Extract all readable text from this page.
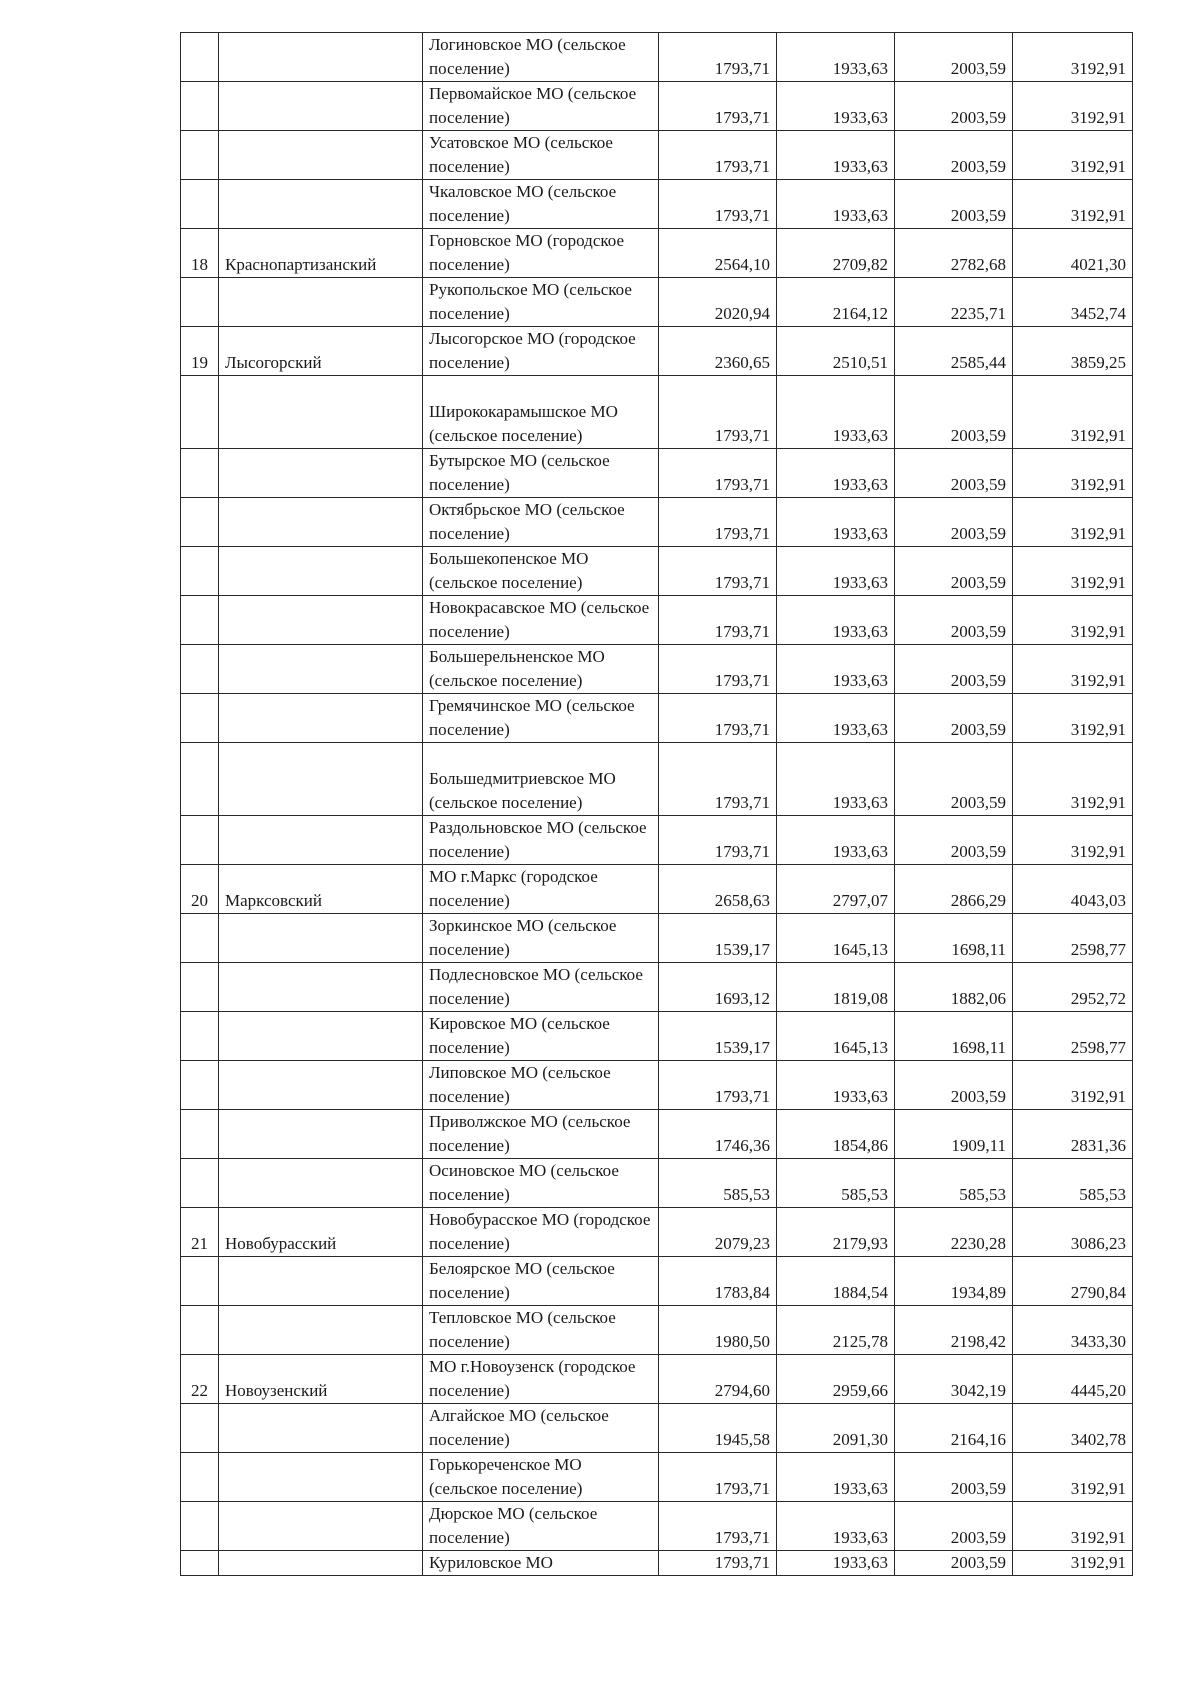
		Логиновское МО (сельское поселение)	1793,71	1933,63	2003,59	3192,91
		Первомайское МО (сельское поселение)	1793,71	1933,63	2003,59	3192,91
		Усатовское МО (сельское поселение)	1793,71	1933,63	2003,59	3192,91
		Чкаловское МО (сельское поселение)	1793,71	1933,63	2003,59	3192,91
18	Краснопартизанский	Горновское МО (городское поселение)	2564,10	2709,82	2782,68	4021,30
		Рукопольское МО (сельское поселение)	2020,94	2164,12	2235,71	3452,74
19	Лысогорский	Лысогорское МО (городское поселение)	2360,65	2510,51	2585,44	3859,25
		Ширококарамышское МО (сельское поселение)	1793,71	1933,63	2003,59	3192,91
		Бутырское МО (сельское поселение)	1793,71	1933,63	2003,59	3192,91
		Октябрьское МО (сельское поселение)	1793,71	1933,63	2003,59	3192,91
		Большекопенское МО (сельское поселение)	1793,71	1933,63	2003,59	3192,91
		Новокрасавское МО (сельское поселение)	1793,71	1933,63	2003,59	3192,91
		Большерельненское МО (сельское поселение)	1793,71	1933,63	2003,59	3192,91
		Гремячинское МО (сельское поселение)	1793,71	1933,63	2003,59	3192,91
		Большедмитриевское МО (сельское поселение)	1793,71	1933,63	2003,59	3192,91
		Раздольновское МО (сельское поселение)	1793,71	1933,63	2003,59	3192,91
20	Марксовский	МО г.Маркс (городское поселение)	2658,63	2797,07	2866,29	4043,03
		Зоркинское МО (сельское поселение)	1539,17	1645,13	1698,11	2598,77
		Подлесновское МО (сельское поселение)	1693,12	1819,08	1882,06	2952,72
		Кировское МО (сельское поселение)	1539,17	1645,13	1698,11	2598,77
		Липовское МО (сельское поселение)	1793,71	1933,63	2003,59	3192,91
		Приволжское МО (сельское поселение)	1746,36	1854,86	1909,11	2831,36
		Осиновское МО (сельское поселение)	585,53	585,53	585,53	585,53
21	Новобурасский	Новобурасское МО (городское поселение)	2079,23	2179,93	2230,28	3086,23
		Белоярское МО (сельское поселение)	1783,84	1884,54	1934,89	2790,84
		Тепловское МО (сельское поселение)	1980,50	2125,78	2198,42	3433,30
22	Новоузенский	МО г.Новоузенск (городское поселение)	2794,60	2959,66	3042,19	4445,20
		Алгайское МО (сельское поселение)	1945,58	2091,30	2164,16	3402,78
		Горькореченское МО (сельское поселение)	1793,71	1933,63	2003,59	3192,91
		Дюрское МО (сельское поселение)	1793,71	1933,63	2003,59	3192,91
		Куриловское МО	1793,71	1933,63	2003,59	3192,91
